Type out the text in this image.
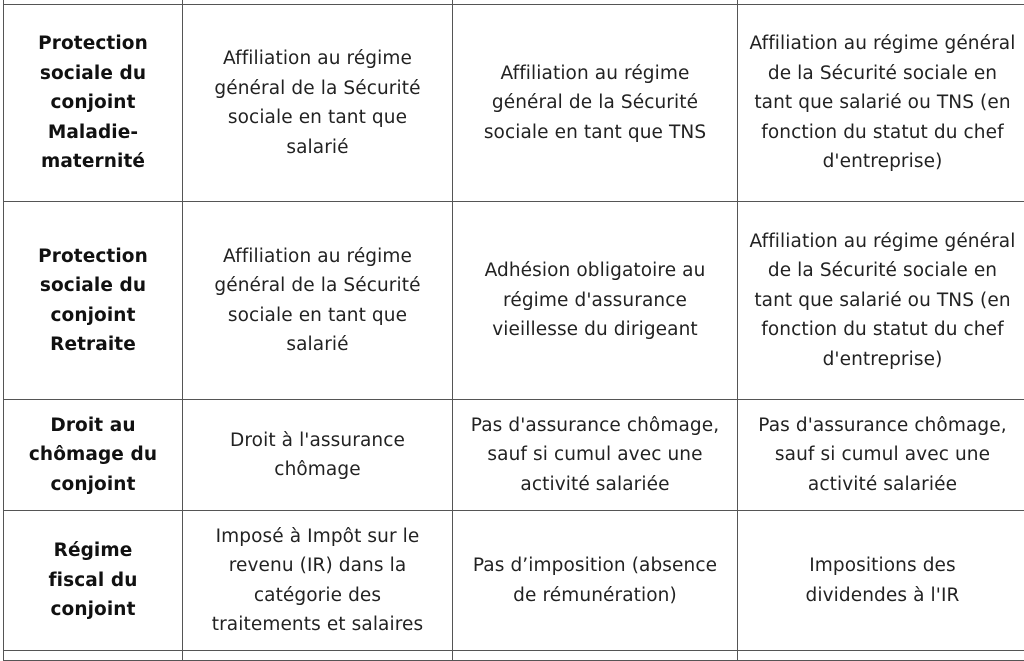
Protection sociale du conjoint Maladie-maternité	Affiliation au régime général de la Sécurité sociale en tant que salarié	Affiliation au régime général de la Sécurité sociale en tant que TNS	Affiliation au régime général de la Sécurité sociale en tant que salarié ou TNS (en fonction du statut du chef d'entreprise)

Protection sociale du conjoint Retraite	Affiliation au régime général de la Sécurité sociale en tant que salarié	Adhésion obligatoire au régime d'assurance vieillesse du dirigeant	Affiliation au régime général de la Sécurité sociale en tant que salarié ou TNS (en fonction du statut du chef d'entreprise)

Droit au chômage du conjoint	Droit à l'assurance chômage	Pas d'assurance chômage, sauf si cumul avec une activité salariée	Pas d'assurance chômage, sauf si cumul avec une activité salariée

Régime fiscal du conjoint	Imposé à Impôt sur le revenu (IR) dans la catégorie des traitements et salaires	Pas d’imposition (absence de rémunération)	Impositions des dividendes à l'IR
